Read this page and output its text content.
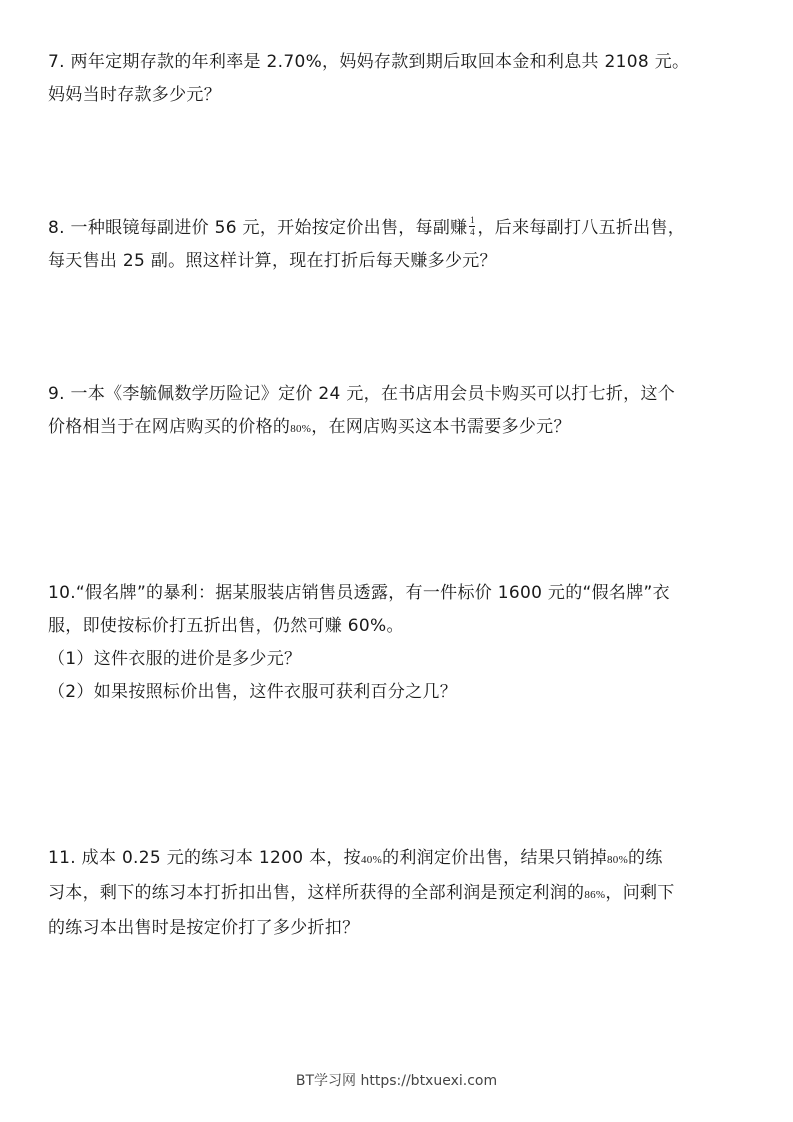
7. 两年定期存款的年利率是 2.70%，妈妈存款到期后取回本金和利息共 2108 元。
妈妈当时存款多少元？
8. 一种眼镜每副进价 56 元，开始按定价出售，每副赚 $\frac{1}{4}$ ，后来每副打八五折出售，
每天售出 25 副。照这样计算，现在打折后每天赚多少元？
9. 一本《李毓佩数学历险记》定价 24 元，在书店用会员卡购买可以打七折，这个
价格相当于在网店购买的价格的80%，在网店购买这本书需要多少元？
10.“假名牌”的暴利：据某服装店销售员透露，有一件标价 1600 元的“假名牌”衣
服，即使按标价打五折出售，仍然可赚 60%。
（1）这件衣服的进价是多少元？
（2）如果按照标价出售，这件衣服可获利百分之几？
11. 成本 0.25 元的练习本 1200 本，按40%的利润定价出售，结果只销掉80%的练
习本，剩下的练习本打折扣出售，这样所获得的全部利润是预定利润的86%，问剩下
的练习本出售时是按定价打了多少折扣？
BT学习网 https://btxuexi.com
